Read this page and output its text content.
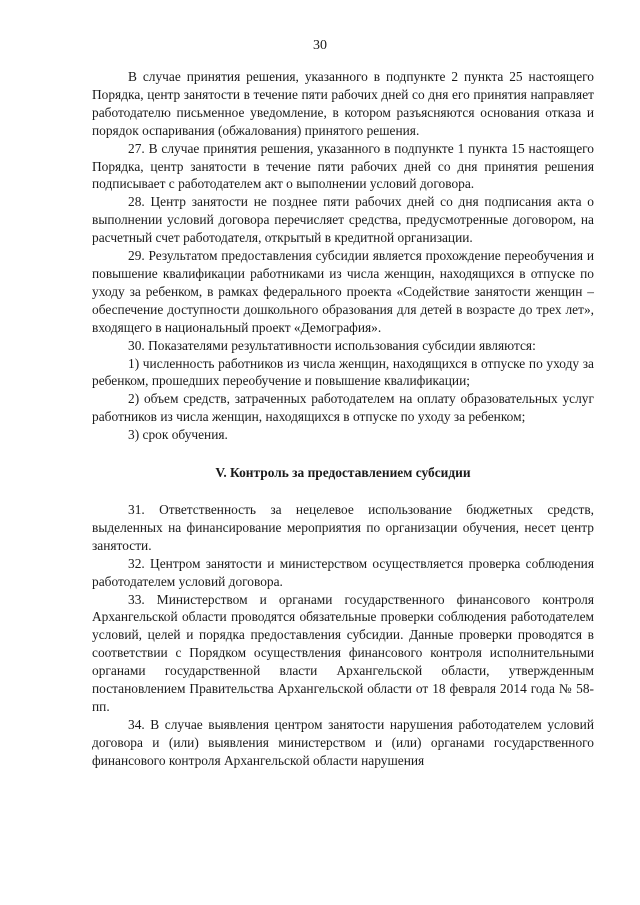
30

В случае принятия решения, указанного в подпункте 2 пункта 25 настоящего Порядка, центр занятости в течение пяти рабочих дней со дня его принятия направляет работодателю письменное уведомление, в котором разъясняются основания отказа и порядок оспаривания (обжалования) принятого решения.

27. В случае принятия решения, указанного в подпункте 1 пункта 15 настоящего Порядка, центр занятости в течение пяти рабочих дней со дня принятия решения подписывает с работодателем акт о выполнении условий договора.

28. Центр занятости не позднее пяти рабочих дней со дня подписания акта о выполнении условий договора перечисляет средства, предусмотренные договором, на расчетный счет работодателя, открытый в кредитной организации.

29. Результатом предоставления субсидии является прохождение переобучения и повышение квалификации работниками из числа женщин, находящихся в отпуске по уходу за ребенком, в рамках федерального проекта «Содействие занятости женщин – обеспечение доступности дошкольного образования для детей в возрасте до трех лет», входящего в национальный проект «Демография».

30. Показателями результативности использования субсидии являются:

1) численность работников из числа женщин, находящихся в отпуске по уходу за ребенком, прошедших переобучение и повышение квалификации;

2) объем средств, затраченных работодателем на оплату образовательных услуг работников из числа женщин, находящихся в отпуске по уходу за ребенком;

3) срок обучения.

V. Контроль за предоставлением субсидии

31. Ответственность за нецелевое использование бюджетных средств, выделенных на финансирование мероприятия по организации обучения, несет центр занятости.

32. Центром занятости и министерством осуществляется проверка соблюдения работодателем условий договора.

33. Министерством и органами государственного финансового контроля Архангельской области проводятся обязательные проверки соблюдения работодателем условий, целей и порядка предоставления субсидии. Данные проверки проводятся в соответствии с Порядком осуществления финансового контроля исполнительными органами государственной власти Архангельской области, утвержденным постановлением Правительства Архангельской области от 18 февраля 2014 года № 58-пп.

34. В случае выявления центром занятости нарушения работодателем условий договора и (или) выявления министерством и (или) органами государственного финансового контроля Архангельской области нарушения
